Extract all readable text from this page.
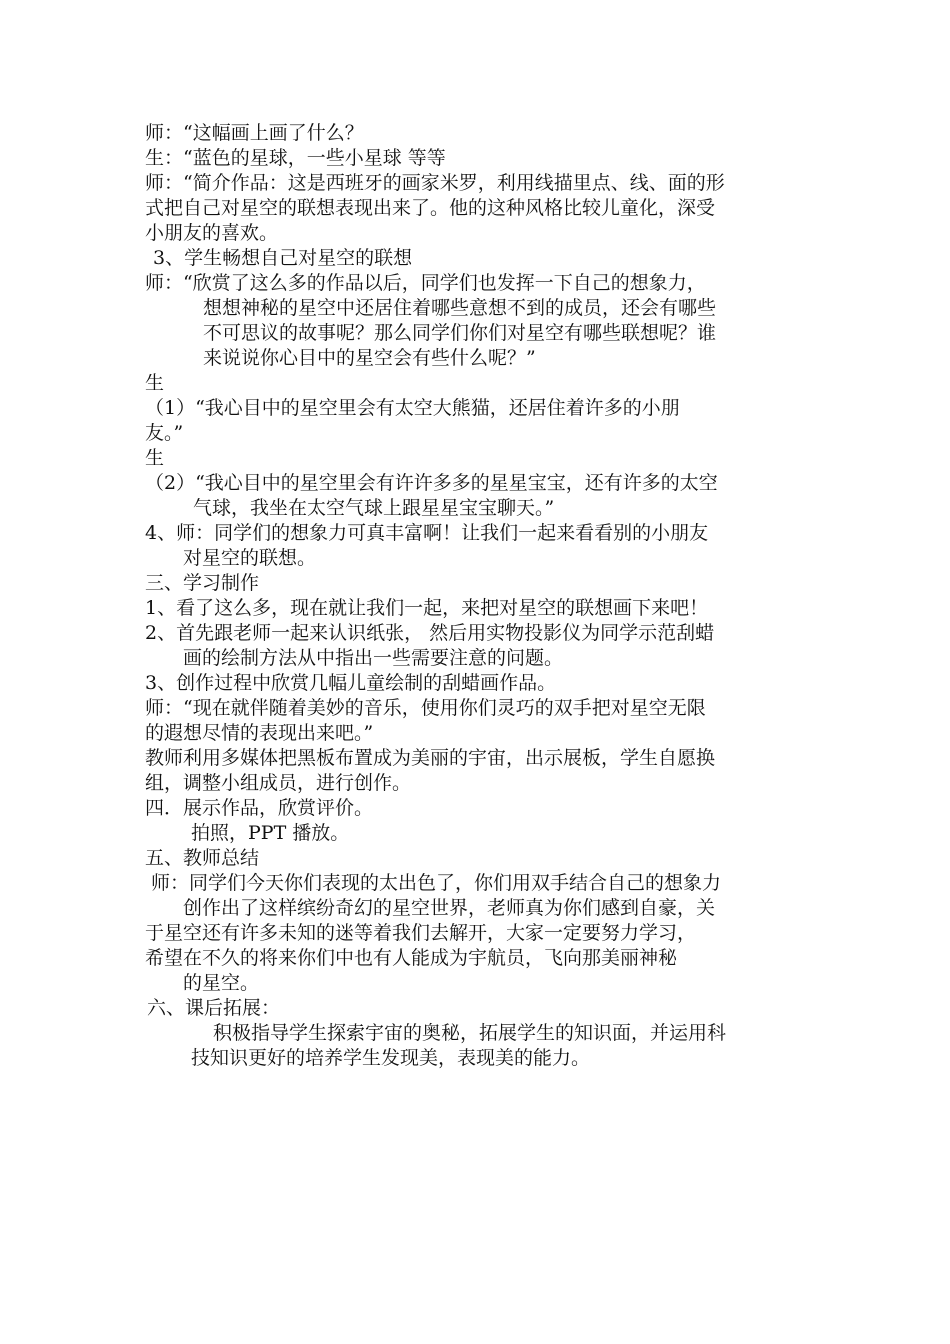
师：“这幅画上画了什么？
生：“蓝色的星球，一些小星球 等等
师：“简介作品：这是西班牙的画家米罗，利用线描里点、线、面的形
式把自己对星空的联想表现出来了。他的这种风格比较儿童化，深受
小朋友的喜欢。
3、学生畅想自己对星空的联想
师：“欣赏了这么多的作品以后，同学们也发挥一下自己的想象力，
想想神秘的星空中还居住着哪些意想不到的成员，还会有哪些
不可思议的故事呢？那么同学们你们对星空有哪些联想呢？谁
来说说你心目中的星空会有些什么呢？”
生
（1）“我心目中的星空里会有太空大熊猫，还居住着许多的小朋
友。”
生
（2）“我心目中的星空里会有许许多多的星星宝宝，还有许多的太空
气球，我坐在太空气球上跟星星宝宝聊天。”
4、师：同学们的想象力可真丰富啊！让我们一起来看看别的小朋友
对星空的联想。
三、学习制作
1、看了这么多，现在就让我们一起，来把对星空的联想画下来吧！
2、首先跟老师一起来认识纸张， 然后用实物投影仪为同学示范刮蜡
画的绘制方法从中指出一些需要注意的问题。
3、创作过程中欣赏几幅儿童绘制的刮蜡画作品。
师：“现在就伴随着美妙的音乐，使用你们灵巧的双手把对星空无限
的遐想尽情的表现出来吧。”
教师利用多媒体把黑板布置成为美丽的宇宙，出示展板，学生自愿换
组，调整小组成员，进行创作。
四．展示作品，欣赏评价。
拍照，PPT 播放。
五、教师总结
师：同学们今天你们表现的太出色了，你们用双手结合自己的想象力
创作出了这样缤纷奇幻的星空世界，老师真为你们感到自豪，关
于星空还有许多未知的迷等着我们去解开，大家一定要努力学习，
希望在不久的将来你们中也有人能成为宇航员，飞向那美丽神秘
的星空。
六、课后拓展：
积极指导学生探索宇宙的奥秘，拓展学生的知识面，并运用科
技知识更好的培养学生发现美，表现美的能力。
